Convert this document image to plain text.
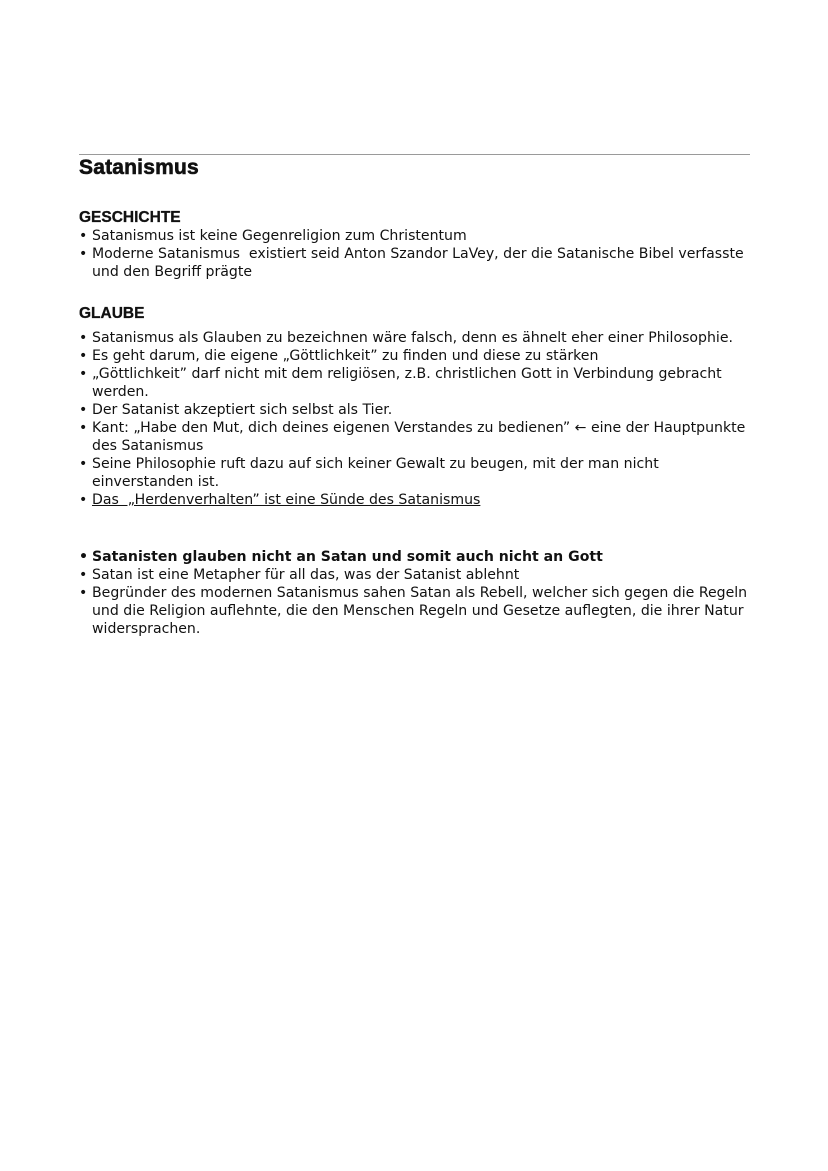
Satanismus
GESCHICHTE
• Satanismus ist keine Gegenreligion zum Christentum
• Moderne Satanismus  existiert seid Anton Szandor LaVey, der die Satanische Bibel verfasste und den Begriff prägte
GLAUBE
• Satanismus als Glauben zu bezeichnen wäre falsch, denn es ähnelt eher einer Philosophie.
• Es geht darum, die eigene „Göttlichkeit” zu finden und diese zu stärken
• „Göttlichkeit” darf nicht mit dem religiösen, z.B. christlichen Gott in Verbindung gebracht werden.
• Der Satanist akzeptiert sich selbst als Tier.
• Kant: „Habe den Mut, dich deines eigenen Verstandes zu bedienen” ← eine der Hauptpunkte des Satanismus
• Seine Philosophie ruft dazu auf sich keiner Gewalt zu beugen, mit der man nicht einverstanden ist.
• Das  „Herdenverhalten” ist eine Sünde des Satanismus
• Satanisten glauben nicht an Satan und somit auch nicht an Gott
• Satan ist eine Metapher für all das, was der Satanist ablehnt
• Begründer des modernen Satanismus sahen Satan als Rebell, welcher sich gegen die Regeln und die Religion auflehnte, die den Menschen Regeln und Gesetze auflegten, die ihrer Natur widersprachen.
